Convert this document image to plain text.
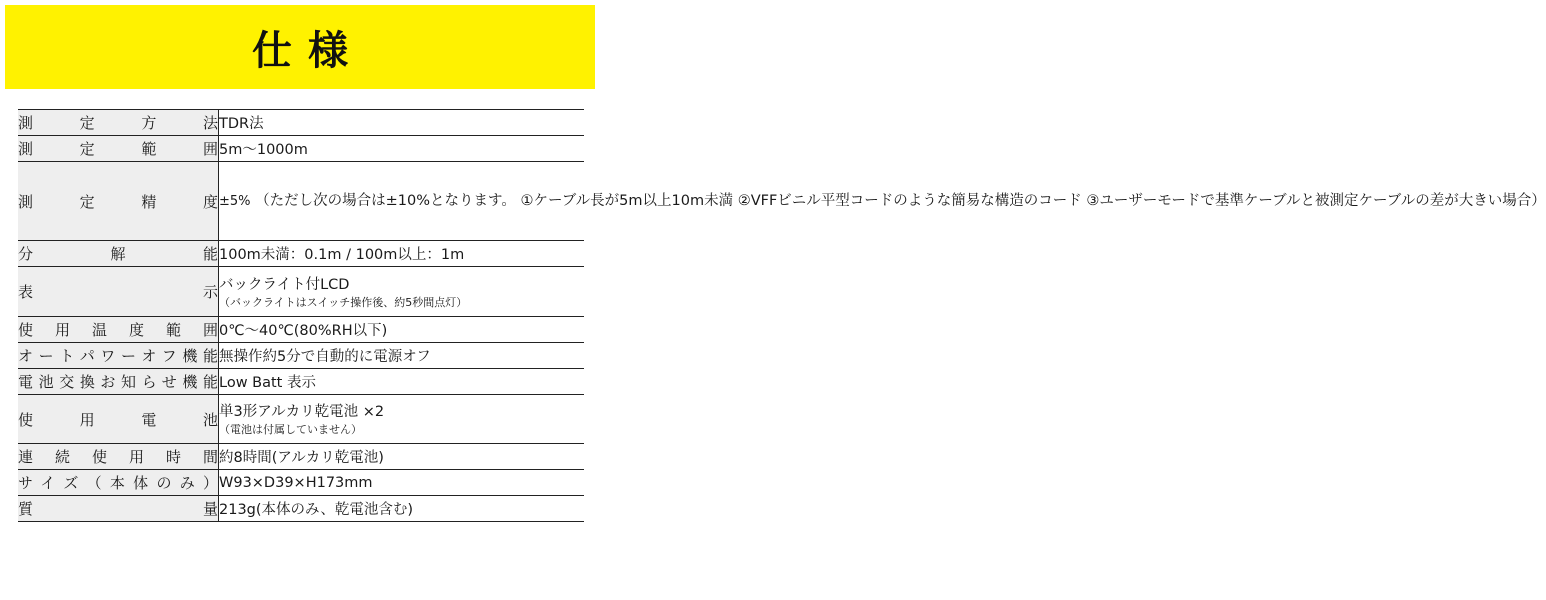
仕様
測定方法	TDR法

測定範囲	5m〜1000m

測定精度	±5% （ただし次の場合は±10%となります。 ①ケーブル長が5m以上10m未満 ②VFFビニル平型コードのような簡易な構造のコード ③ユーザーモードで基準ケーブルと被測定ケーブルの差が大きい場合）
分解能	100m未満：0.1m / 100m以上：1m

表示	バックライト付LCD
（バックライトはスイッチ操作後、約5秒間点灯）

使用温度範囲	0℃〜40℃(80%RH以下)

オートパワーオフ機能	無操作約5分で自動的に電源オフ

電池交換お知らせ機能	Low Batt 表示

使用電池	単3形アルカリ乾電池 ×2
（電池は付属していません）

連続使用時間	約8時間(アルカリ乾電池)

サイズ（本体のみ）	W93×D39×H173mm

質量	213g(本体のみ、乾電池含む)
